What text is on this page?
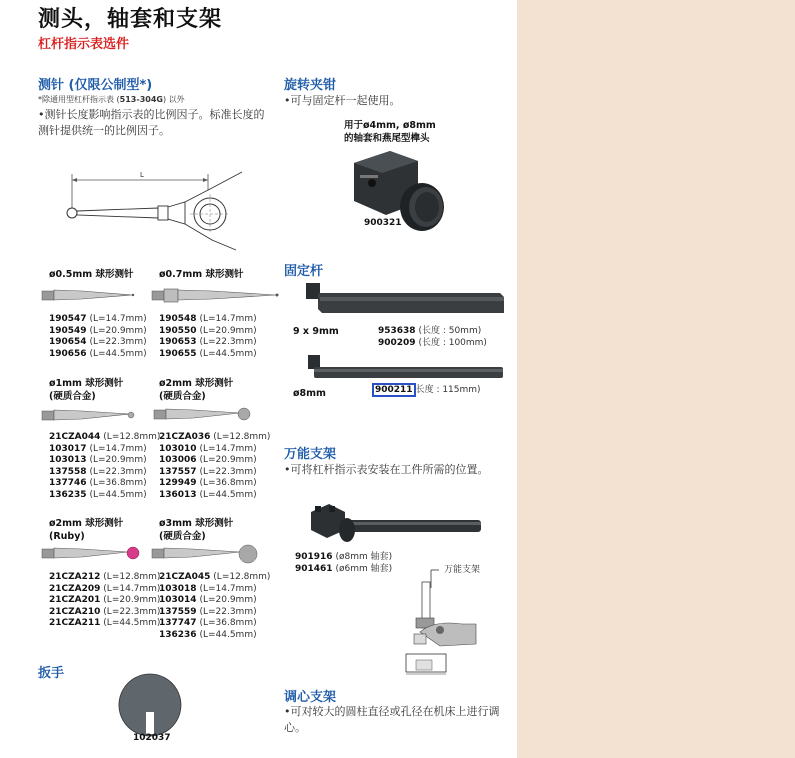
测头，轴套和支架
杠杆指示表选件
测针 (仅限公制型*)
*除通用型杠杆指示表 (513-304G) 以外
•测针长度影响指示表的比例因子。标准长度的测针提供统一的比例因子。
L
ø0.5mm 球形测针
190547 (L=14.7mm)
190549 (L=20.9mm)
190654 (L=22.3mm)
190656 (L=44.5mm)
ø0.7mm 球形测针
190548 (L=14.7mm)
190550 (L=20.9mm)
190653 (L=22.3mm)
190655 (L=44.5mm)
ø1mm 球形测针
(硬质合金)
21CZA044 (L=12.8mm)
103017 (L=14.7mm)
103013 (L=20.9mm)
137558 (L=22.3mm)
137746 (L=36.8mm)
136235 (L=44.5mm)
ø2mm 球形测针
(硬质合金)
21CZA036 (L=12.8mm)
103010 (L=14.7mm)
103006 (L=20.9mm)
137557 (L=22.3mm)
129949 (L=36.8mm)
136013 (L=44.5mm)
ø2mm 球形测针
(Ruby)
21CZA212 (L=12.8mm)
21CZA209 (L=14.7mm)
21CZA201 (L=20.9mm)
21CZA210 (L=22.3mm)
21CZA211 (L=44.5mm)
ø3mm 球形测针
(硬质合金)
21CZA045 (L=12.8mm)
103018 (L=14.7mm)
103014 (L=20.9mm)
137559 (L=22.3mm)
137747 (L=36.8mm)
136236 (L=44.5mm)
扳手
102037
旋转夹钳
•可与固定杆一起使用。
用于ø4mm, ø8mm
的轴套和燕尾型榫头
900321
固定杆
9 x 9mm	953638 (长度 : 50mm)
900209 (长度 : 100mm)
ø8mm	900211 长度 : 115mm)
万能支架
•可将杠杆指示表安装在工件所需的位置。
901916 (ø8mm 轴套)
901461 (ø6mm 轴套)	万能支架
调心支架
•可对较大的圆柱直径或孔径在机床上进行调心。
